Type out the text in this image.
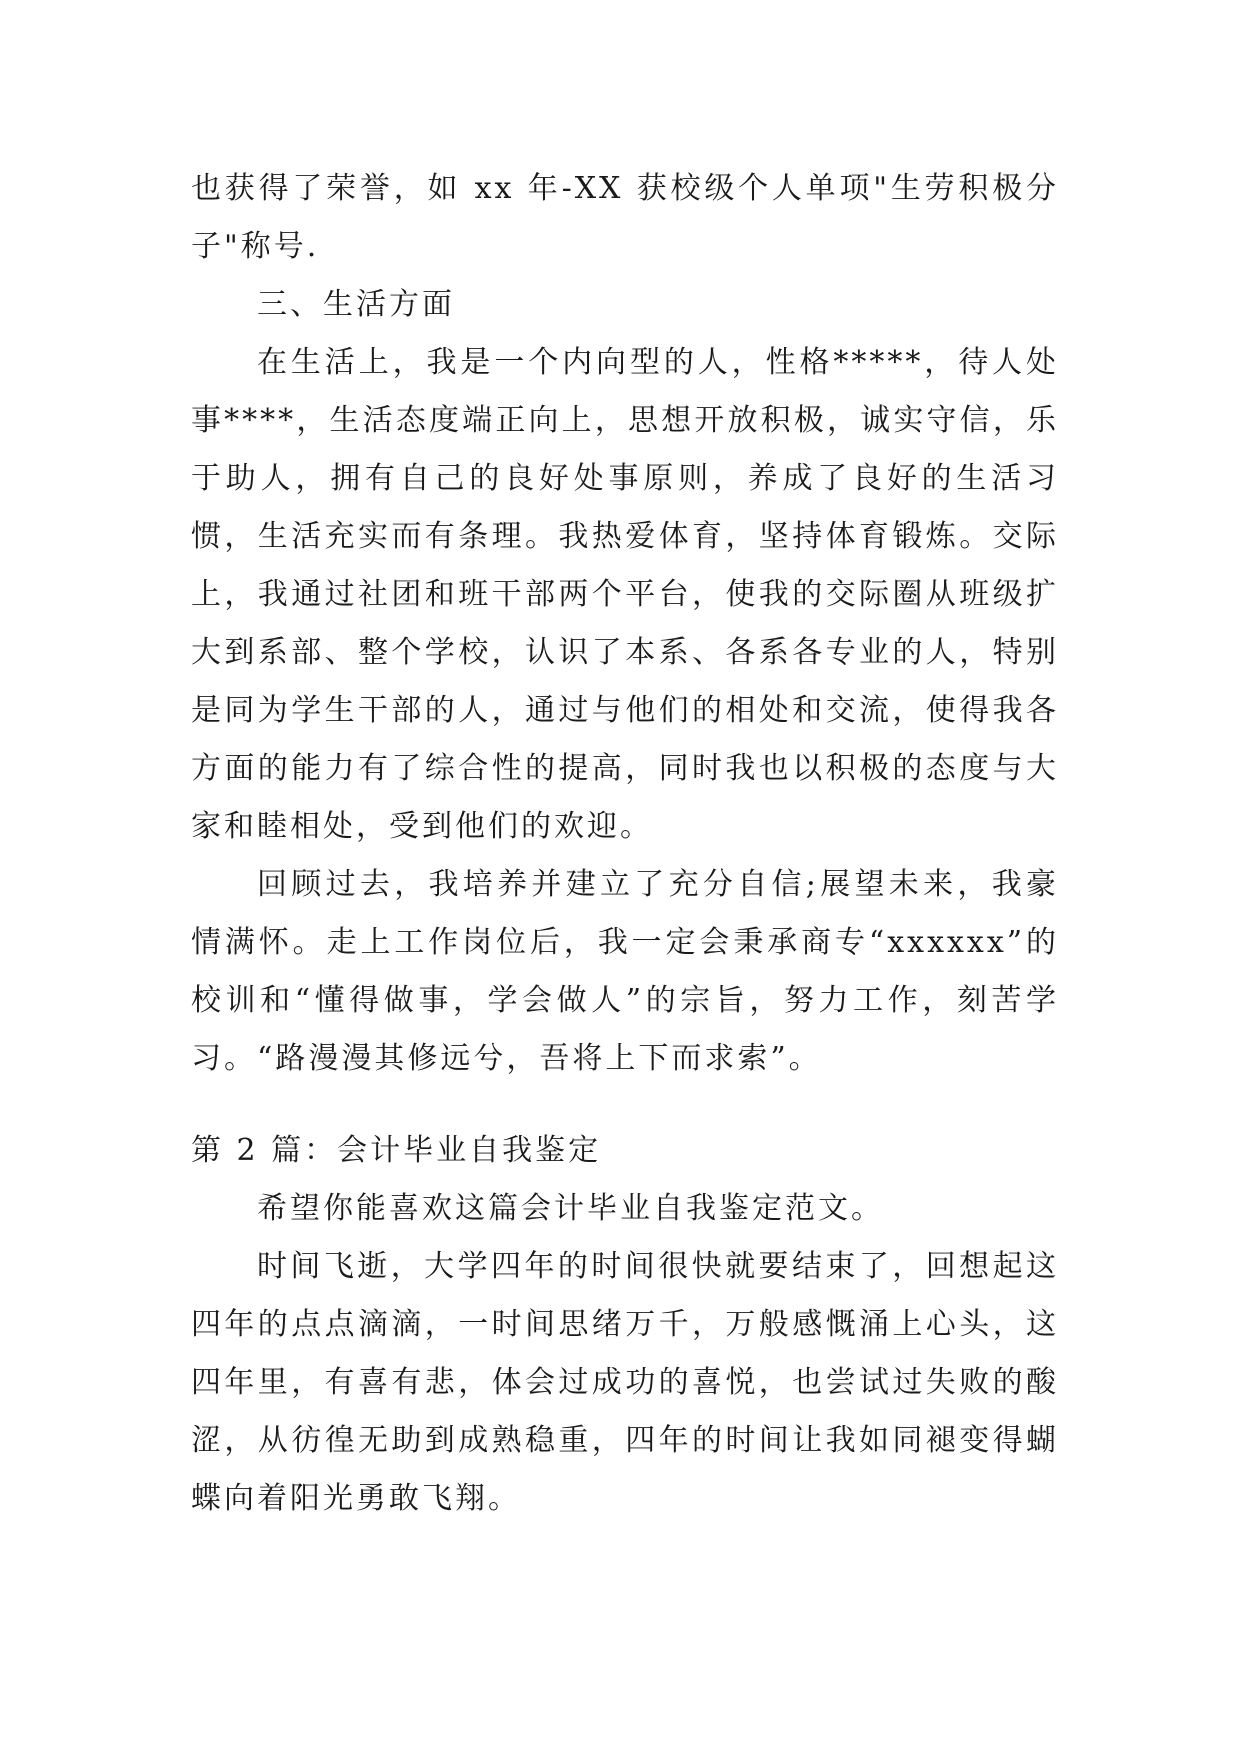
也获得了荣誉，如 xx 年-XX 获校级个人单项"生劳积极分子"称号.

三、生活方面

在生活上，我是一个内向型的人，性格*****，待人处事****，生活态度端正向上，思想开放积极，诚实守信，乐于助人，拥有自己的良好处事原则，养成了良好的生活习惯，生活充实而有条理。我热爱体育，坚持体育锻炼。交际上，我通过社团和班干部两个平台，使我的交际圈从班级扩大到系部、整个学校，认识了本系、各系各专业的人，特别是同为学生干部的人，通过与他们的相处和交流，使得我各方面的能力有了综合性的提高，同时我也以积极的态度与大家和睦相处，受到他们的欢迎。

回顾过去，我培养并建立了充分自信;展望未来，我豪情满怀。走上工作岗位后，我一定会秉承商专“xxxxxx”的校训和“懂得做事，学会做人”的宗旨，努力工作，刻苦学习。“路漫漫其修远兮，吾将上下而求索”。

第 2 篇：会计毕业自我鉴定

希望你能喜欢这篇会计毕业自我鉴定范文。

时间飞逝，大学四年的时间很快就要结束了，回想起这四年的点点滴滴，一时间思绪万千，万般感慨涌上心头，这四年里，有喜有悲，体会过成功的喜悦，也尝试过失败的酸涩，从彷徨无助到成熟稳重，四年的时间让我如同褪变得蝴蝶向着阳光勇敢飞翔。
